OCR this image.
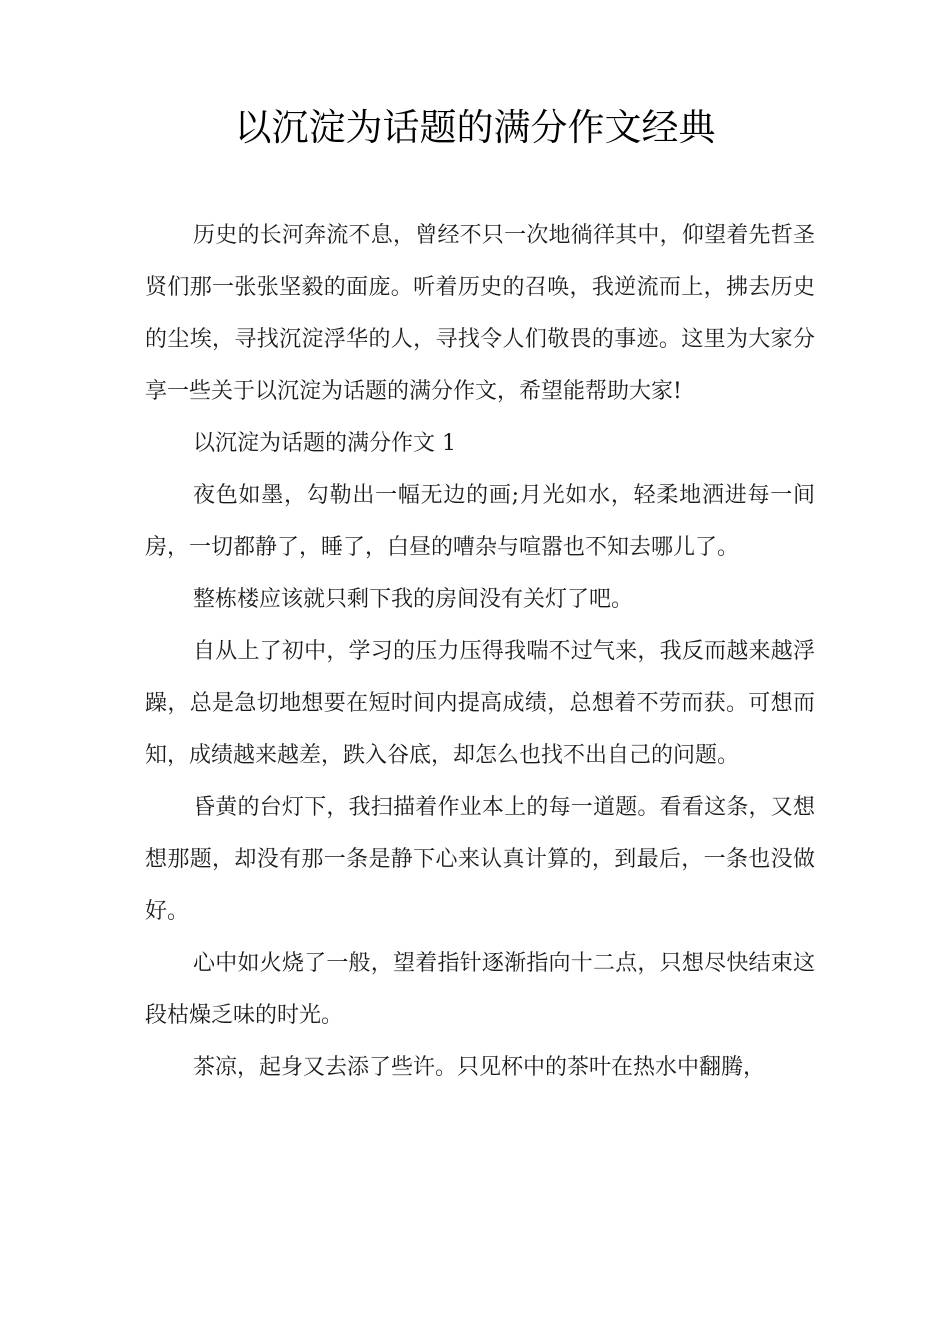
以沉淀为话题的满分作文经典

历史的长河奔流不息，曾经不只一次地徜徉其中，仰望着先哲圣贤们那一张张坚毅的面庞。听着历史的召唤，我逆流而上，拂去历史的尘埃，寻找沉淀浮华的人，寻找令人们敬畏的事迹。这里为大家分享一些关于以沉淀为话题的满分作文，希望能帮助大家!

以沉淀为话题的满分作文 1

夜色如墨，勾勒出一幅无边的画;月光如水，轻柔地洒进每一间房，一切都静了，睡了，白昼的嘈杂与喧嚣也不知去哪儿了。

整栋楼应该就只剩下我的房间没有关灯了吧。

自从上了初中，学习的压力压得我喘不过气来，我反而越来越浮躁，总是急切地想要在短时间内提高成绩，总想着不劳而获。可想而知，成绩越来越差，跌入谷底，却怎么也找不出自己的问题。

昏黄的台灯下，我扫描着作业本上的每一道题。看看这条，又想想那题，却没有那一条是静下心来认真计算的，到最后，一条也没做好。

心中如火烧了一般，望着指针逐渐指向十二点，只想尽快结束这段枯燥乏味的时光。

茶凉，起身又去添了些许。只见杯中的茶叶在热水中翻腾，
